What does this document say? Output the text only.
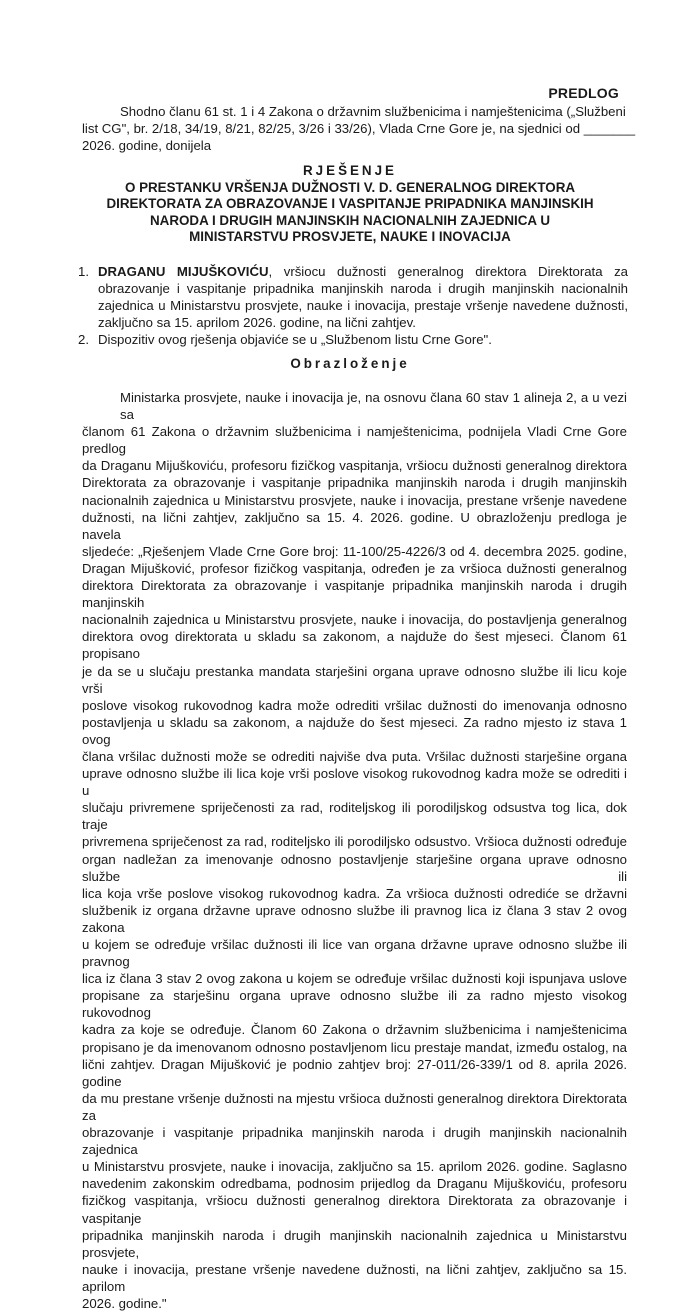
PREDLOG
Shodno članu 61 st. 1 i 4 Zakona o državnim službenicima i namještenicima („Službeni
list CG", br. 2/18, 34/19, 8/21, 82/25, 3/26 i 33/26), Vlada Crne Gore je, na sjednici od _______
2026. godine, donijela
RJEŠENJE
O PRESTANKU VRŠENJA DUŽNOSTI V. D. GENERALNOG DIREKTORA
DIREKTORATA ZA OBRAZOVANJE I VASPITANJE PRIPADNIKA MANJINSKIH
NARODA I DRUGIH MANJINSKIH NACIONALNIH ZAJEDNICA U
MINISTARSTVU PROSVJETE, NAUKE I INOVACIJA
1. DRAGANU MIJUŠKOVIĆU, vršiocu dužnosti generalnog direktora Direktorata za
obrazovanje i vaspitanje pripadnika manjinskih naroda i drugih manjinskih nacionalnih
zajednica u Ministarstvu prosvjete, nauke i inovacija, prestaje vršenje navedene dužnosti,
zaključno sa 15. aprilom 2026. godine, na lični zahtjev.
2. Dispozitiv ovog rješenja objaviće se u „Službenom listu Crne Gore".
Obrazloženje
Ministarka prosvjete, nauke i inovacija je, na osnovu člana 60 stav 1 alineja 2, a u vezi sa
članom 61 Zakona o državnim službenicima i namještenicima, podnijela Vladi Crne Gore predlog
da Draganu Mijuškoviću, profesoru fizičkog vaspitanja, vršiocu dužnosti generalnog direktora
Direktorata za obrazovanje i vaspitanje pripadnika manjinskih naroda i drugih manjinskih
nacionalnih zajednica u Ministarstvu prosvjete, nauke i inovacija, prestane vršenje navedene
dužnosti, na lični zahtjev, zaključno sa 15. 4. 2026. godine. U obrazloženju predloga je navela
sljedeće: „Rješenjem Vlade Crne Gore broj: 11-100/25-4226/3 od 4. decembra 2025. godine,
Dragan Mijušković, profesor fizičkog vaspitanja, određen je za vršioca dužnosti generalnog
direktora Direktorata za obrazovanje i vaspitanje pripadnika manjinskih naroda i drugih manjinskih
nacionalnih zajednica u Ministarstvu prosvjete, nauke i inovacija, do postavljenja generalnog
direktora ovog direktorata u skladu sa zakonom, a najduže do šest mjeseci. Članom 61 propisano
je da se u slučaju prestanka mandata starješini organa uprave odnosno službe ili licu koje vrši
poslove visokog rukovodnog kadra može odrediti vršilac dužnosti do imenovanja odnosno
postavljenja u skladu sa zakonom, a najduže do šest mjeseci. Za radno mjesto iz stava 1 ovog
člana vršilac dužnosti može se odrediti najviše dva puta. Vršilac dužnosti starješine organa
uprave odnosno službe ili lica koje vrši poslove visokog rukovodnog kadra može se odrediti i u
slučaju privremene spriječenosti za rad, roditeljskog ili porodiljskog odsustva tog lica, dok traje
privremena spriječenost za rad, roditeljsko ili porodiljsko odsustvo. Vršioca dužnosti određuje
organ nadležan za imenovanje odnosno postavljenje starješine organa uprave odnosno službe ili
lica koja vrše poslove visokog rukovodnog kadra. Za vršioca dužnosti odrediće se državni
službenik iz organa državne uprave odnosno službe ili pravnog lica iz člana 3 stav 2 ovog zakona
u kojem se određuje vršilac dužnosti ili lice van organa državne uprave odnosno službe ili pravnog
lica iz člana 3 stav 2 ovog zakona u kojem se određuje vršilac dužnosti koji ispunjava uslove
propisane za starješinu organa uprave odnosno službe ili za radno mjesto visokog rukovodnog
kadra za koje se određuje. Članom 60 Zakona o državnim službenicima i namještenicima
propisano je da imenovanom odnosno postavljenom licu prestaje mandat, između ostalog, na
lični zahtjev. Dragan Mijušković je podnio zahtjev broj: 27-011/26-339/1 od 8. aprila 2026. godine
da mu prestane vršenje dužnosti na mjestu vršioca dužnosti generalnog direktora Direktorata za
obrazovanje i vaspitanje pripadnika manjinskih naroda i drugih manjinskih nacionalnih zajednica
u Ministarstvu prosvjete, nauke i inovacija, zaključno sa 15. aprilom 2026. godine. Saglasno
navedenim zakonskim odredbama, podnosim prijedlog da Draganu Mijuškoviću, profesoru
fizičkog vaspitanja, vršiocu dužnosti generalnog direktora Direktorata za obrazovanje i vaspitanje
pripadnika manjinskih naroda i drugih manjinskih nacionalnih zajednica u Ministarstvu prosvjete,
nauke i inovacija, prestane vršenje navedene dužnosti, na lični zahtjev, zaključno sa 15. aprilom
2026. godine."
